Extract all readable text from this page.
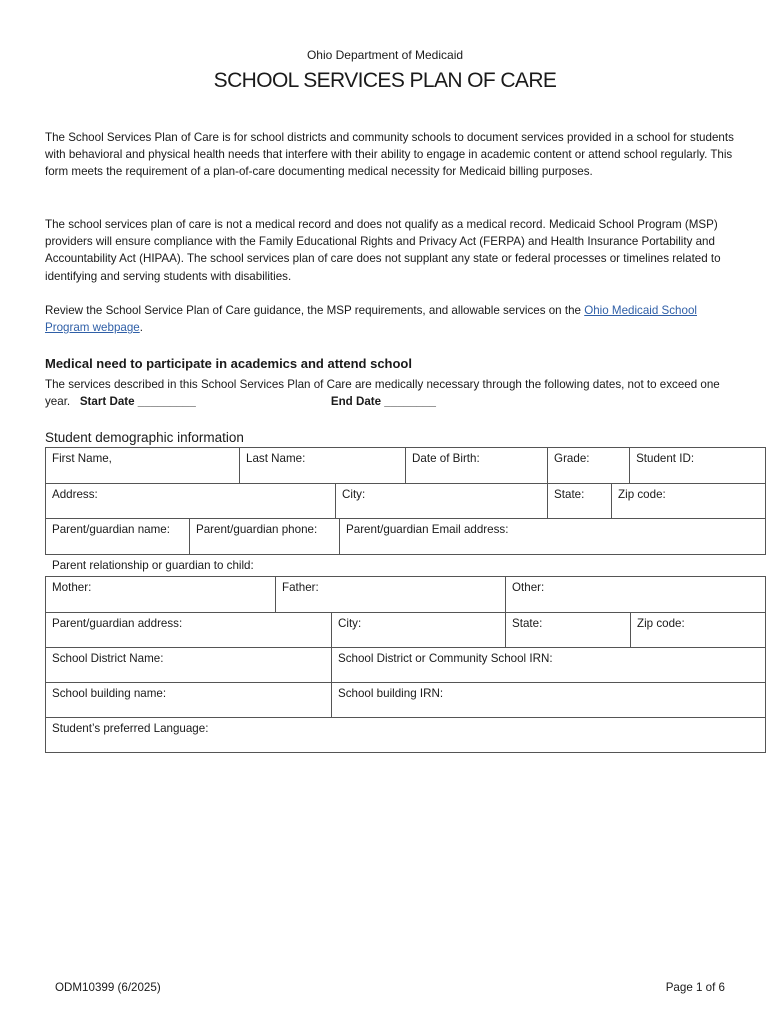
Ohio Department of Medicaid
SCHOOL SERVICES PLAN OF CARE
The School Services Plan of Care is for school districts and community schools to document services provided in a school for students with behavioral and physical health needs that interfere with their ability to engage in academic content or attend school regularly. This form meets the requirement of a plan-of-care documenting medical necessity for Medicaid billing purposes.
The school services plan of care is not a medical record and does not qualify as a medical record. Medicaid School Program (MSP) providers will ensure compliance with the Family Educational Rights and Privacy Act (FERPA) and Health Insurance Portability and Accountability Act (HIPAA). The school services plan of care does not supplant any state or federal processes or timelines related to identifying and serving students with disabilities.
Review the School Service Plan of Care guidance, the MSP requirements, and allowable services on the Ohio Medicaid School Program webpage.
Medical need to participate in academics and attend school
The services described in this School Services Plan of Care are medically necessary through the following dates, not to exceed one year. Start Date _________	End Date ________
Student demographic information
First Name,		Last Name:			Date of Birth:	Grade:		Student ID:
Address:			City:			State:	Zip code:	
Parent/guardian name:	Parent/guardian phone:			Parent/guardian Email address:				
Parent relationship or guardian to child:
Mother:	Father:		Other:	
Parent/guardian address:		City:	State:	Zip code:
School District Name:		School District or Community School IRN:		
School building name:		School building IRN:		
Student’s preferred Language:				
ODM10399 (6/2025)	Page 1 of 6
